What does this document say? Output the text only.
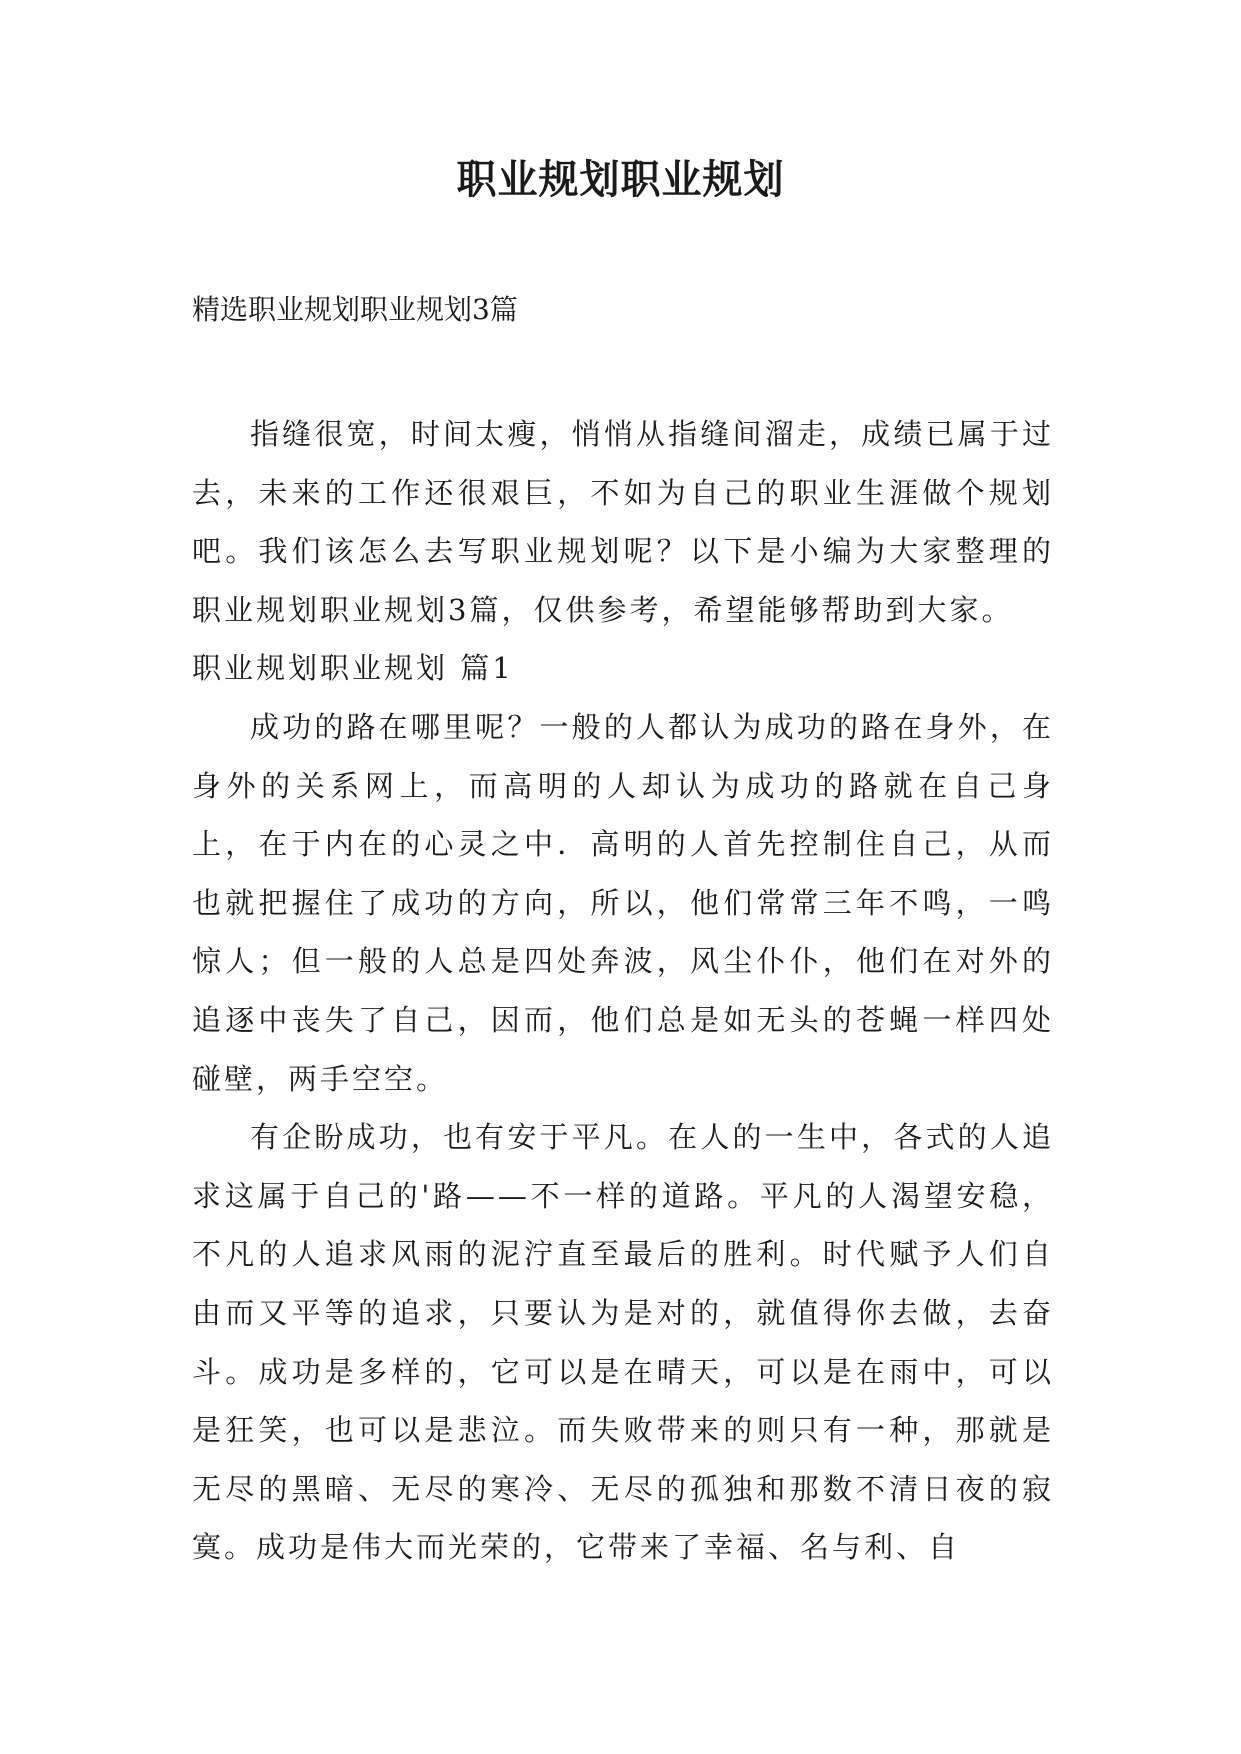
职业规划职业规划

精选职业规划职业规划3篇

指缝很宽，时间太瘦，悄悄从指缝间溜走，成绩已属于过去，未来的工作还很艰巨，不如为自己的职业生涯做个规划吧。我们该怎么去写职业规划呢？以下是小编为大家整理的职业规划职业规划3篇，仅供参考，希望能够帮助到大家。

职业规划职业规划 篇1

成功的路在哪里呢？一般的人都认为成功的路在身外，在身外的关系网上，而高明的人却认为成功的路就在自己身上，在于内在的心灵之中．高明的人首先控制住自己，从而也就把握住了成功的方向，所以，他们常常三年不鸣，一鸣惊人；但一般的人总是四处奔波，风尘仆仆，他们在对外的追逐中丧失了自己，因而，他们总是如无头的苍蝇一样四处碰壁，两手空空。

有企盼成功，也有安于平凡。在人的一生中，各式的人追求这属于自己的'路——不一样的道路。平凡的人渴望安稳，不凡的人追求风雨的泥泞直至最后的胜利。时代赋予人们自由而又平等的追求，只要认为是对的，就值得你去做，去奋斗。成功是多样的，它可以是在晴天，可以是在雨中，可以是狂笑，也可以是悲泣。而失败带来的则只有一种，那就是无尽的黑暗、无尽的寒冷、无尽的孤独和那数不清日夜的寂寞。成功是伟大而光荣的，它带来了幸福、名与利、自
